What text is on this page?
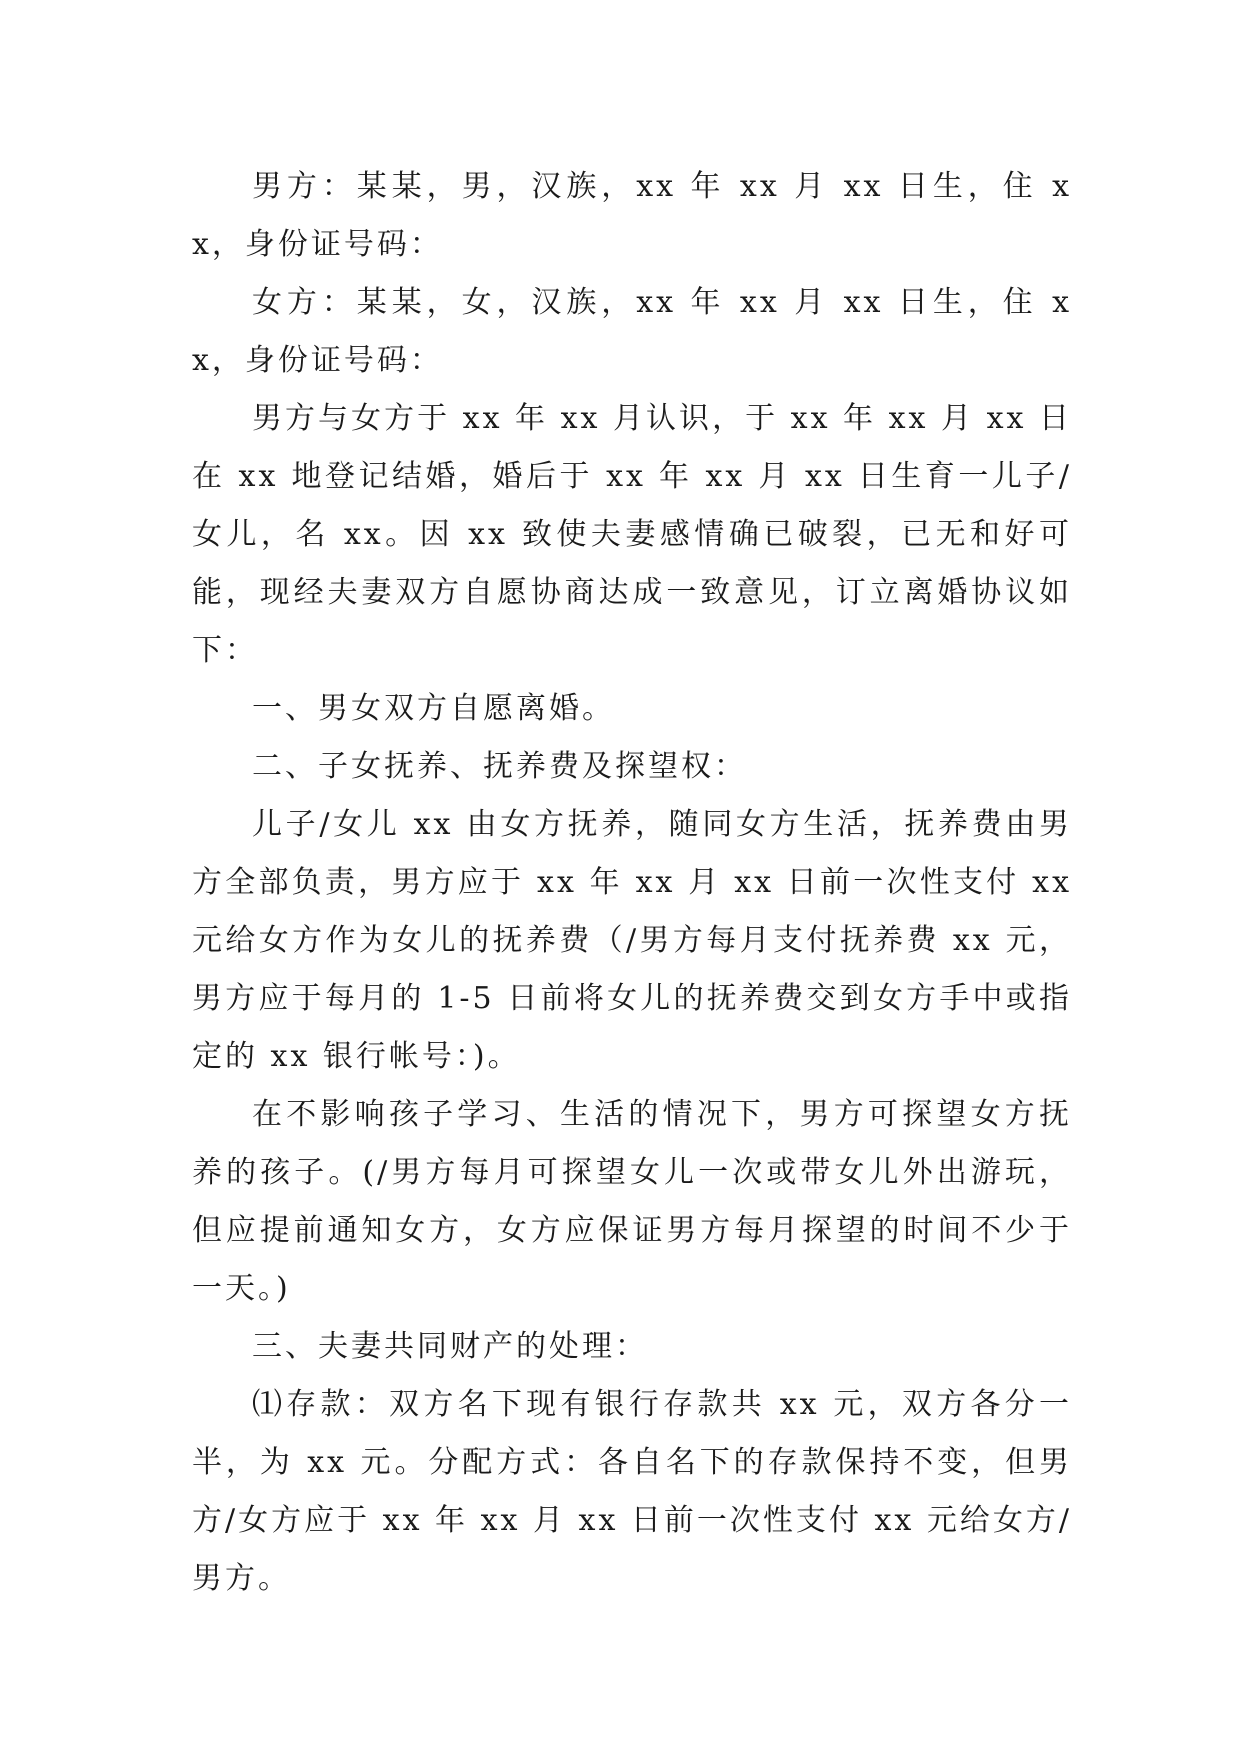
男方：某某，男，汉族，xx 年 xx 月 xx 日生，住 xx，身份证号码：

女方：某某，女，汉族，xx 年 xx 月 xx 日生，住 xx，身份证号码：

男方与女方于 xx 年 xx 月认识，于 xx 年 xx 月 xx 日在 xx 地登记结婚，婚后于 xx 年 xx 月 xx 日生育一儿子/女儿，名 xx。因 xx 致使夫妻感情确已破裂，已无和好可能，现经夫妻双方自愿协商达成一致意见，订立离婚协议如下：

一、男女双方自愿离婚。

二、子女抚养、抚养费及探望权：

儿子/女儿 xx 由女方抚养，随同女方生活，抚养费由男方全部负责，男方应于 xx 年 xx 月 xx 日前一次性支付 xx 元给女方作为女儿的抚养费（/男方每月支付抚养费 xx 元，男方应于每月的 1-5 日前将女儿的抚养费交到女方手中或指定的 xx 银行帐号：)。

在不影响孩子学习、生活的情况下，男方可探望女方抚养的孩子。(/男方每月可探望女儿一次或带女儿外出游玩，但应提前通知女方，女方应保证男方每月探望的时间不少于一天。)

三、夫妻共同财产的处理：

⑴存款：双方名下现有银行存款共 xx 元，双方各分一半，为 xx 元。分配方式：各自名下的存款保持不变，但男方/女方应于 xx 年 xx 月 xx 日前一次性支付 xx 元给女方/男方。
